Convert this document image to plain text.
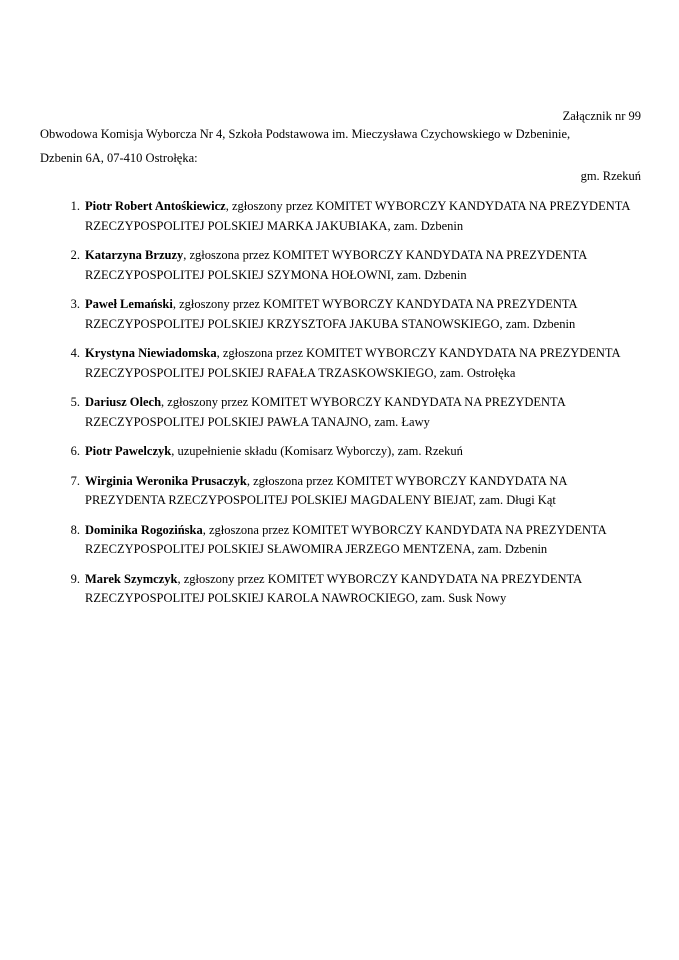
Załącznik nr 99

gm. Rzekuń

Obwodowa Komisja Wyborcza Nr 4, Szkoła Podstawowa im. Mieczysława Czychowskiego w Dzbeninie,
Dzbenin 6A, 07-410 Ostrołęka:
1. Piotr Robert Antośkiewicz, zgłoszony przez KOMITET WYBORCZY KANDYDATA NA PREZYDENTA RZECZYPOSPOLITEJ POLSKIEJ MARKA JAKUBIAKA, zam. Dzbenin
2. Katarzyna Brzuzy, zgłoszona przez KOMITET WYBORCZY KANDYDATA NA PREZYDENTA RZECZYPOSPOLITEJ POLSKIEJ SZYMONA HOŁOWNI, zam. Dzbenin
3. Paweł Lemański, zgłoszony przez KOMITET WYBORCZY KANDYDATA NA PREZYDENTA RZECZYPOSPOLITEJ POLSKIEJ KRZYSZTOFA JAKUBA STANOWSKIEGO, zam. Dzbenin
4. Krystyna Niewiadomska, zgłoszona przez KOMITET WYBORCZY KANDYDATA NA PREZYDENTA RZECZYPOSPOLITEJ POLSKIEJ RAFAŁA TRZASKOWSKIEGO, zam. Ostrołęka
5. Dariusz Olech, zgłoszony przez KOMITET WYBORCZY KANDYDATA NA PREZYDENTA RZECZYPOSPOLITEJ POLSKIEJ PAWŁA TANAJNO, zam. Ławy
6. Piotr Pawelczyk, uzupełnienie składu (Komisarz Wyborczy), zam. Rzekuń
7. Wirginia Weronika Prusaczyk, zgłoszona przez KOMITET WYBORCZY KANDYDATA NA PREZYDENTA RZECZYPOSPOLITEJ POLSKIEJ MAGDALENY BIEJAT, zam. Długi Kąt
8. Dominika Rogozińska, zgłoszona przez KOMITET WYBORCZY KANDYDATA NA PREZYDENTA RZECZYPOSPOLITEJ POLSKIEJ SŁAWOMIRA JERZEGO MENTZENA, zam. Dzbenin
9. Marek Szymczyk, zgłoszony przez KOMITET WYBORCZY KANDYDATA NA PREZYDENTA RZECZYPOSPOLITEJ POLSKIEJ KAROLA NAWROCKIEGO, zam. Susk Nowy
